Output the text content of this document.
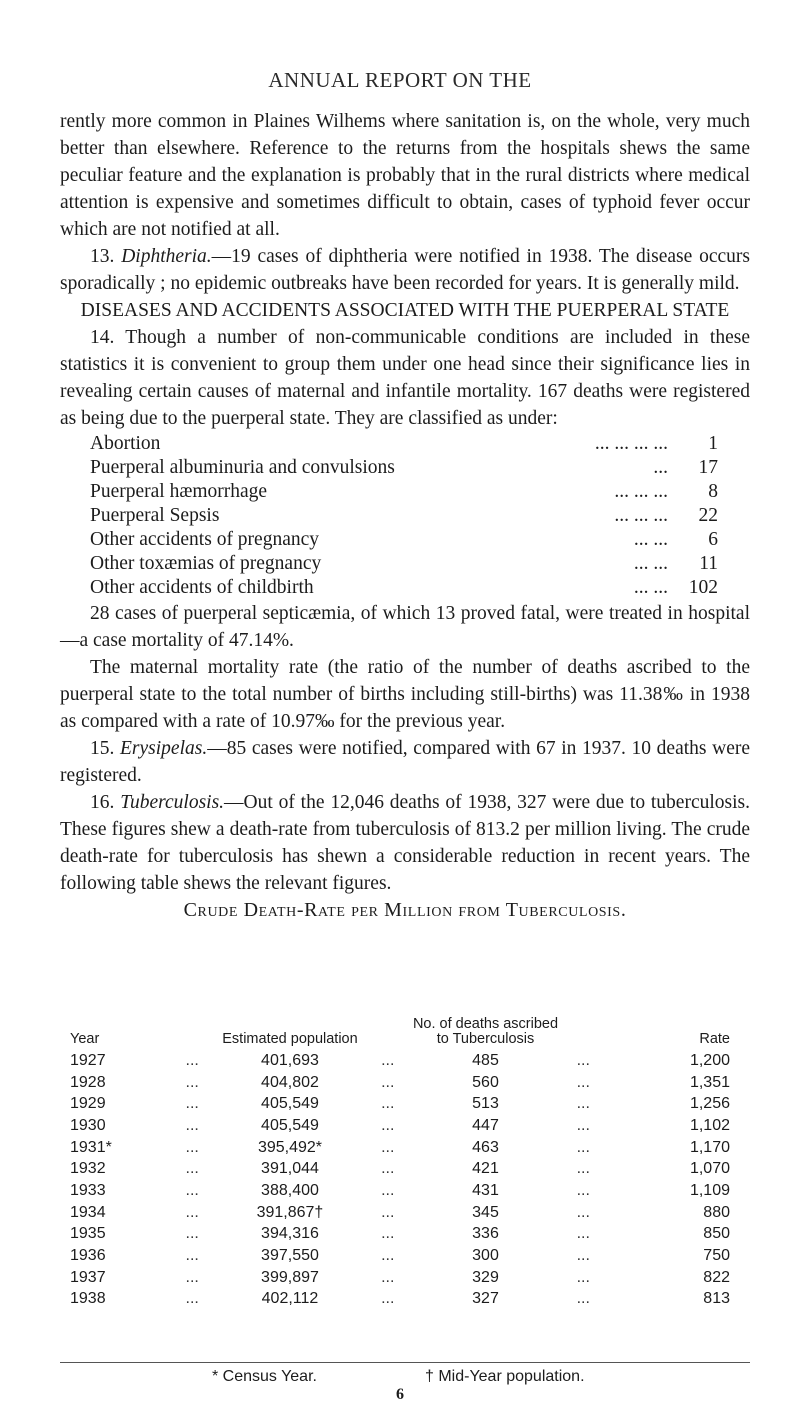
ANNUAL REPORT ON THE

rently more common in Plaines Wilhems where sanitation is, on the whole, very much better than elsewhere. Reference to the returns from the hospitals shews the same peculiar feature and the explanation is probably that in the rural districts where medical attention is expensive and sometimes difficult to obtain, cases of typhoid fever occur which are not notified at all.

13. Diphtheria.—19 cases of diphtheria were notified in 1938. The disease occurs sporadically ; no epidemic outbreaks have been recorded for years. It is generally mild.

DISEASES AND ACCIDENTS ASSOCIATED WITH THE PUERPERAL STATE

14. Though a number of non-communicable conditions are included in these statistics it is convenient to group them under one head since their significance lies in revealing certain causes of maternal and infantile mortality. 167 deaths were registered as being due to the puerperal state. They are classified as under:

Abortion	... ... ... ...	1
Puerperal albuminuria and convulsions	...	17
Puerperal hæmorrhage	... ... ...	8
Puerperal Sepsis	... ... ...	22
Other accidents of pregnancy	... ...	6
Other toxæmias of pregnancy	... ...	11
Other accidents of childbirth	... ...	102

28 cases of puerperal septicæmia, of which 13 proved fatal, were treated in hospital—a case mortality of 47.14%.

The maternal mortality rate (the ratio of the number of deaths ascribed to the puerperal state to the total number of births including still-births) was 11.38‰ in 1938 as compared with a rate of 10.97‰ for the previous year.

15. Erysipelas.—85 cases were notified, compared with 67 in 1937. 10 deaths were registered.

16. Tuberculosis.—Out of the 12,046 deaths of 1938, 327 were due to tuberculosis. These figures shew a death-rate from tuberculosis of 813.2 per million living. The crude death-rate for tuberculosis has shewn a considerable reduction in recent years. The following table shews the relevant figures.

Crude Death-Rate per Million from Tuberculosis.

Year		Estimated population		No. of deaths ascribed to Tuberculosis		Rate
1927	...	401,693	...	485	...	1,200
1928	...	404,802	...	560	...	1,351
1929	...	405,549	...	513	...	1,256
1930	...	405,549	...	447	...	1,102
1931*	...	395,492*	...	463	...	1,170
1932	...	391,044	...	421	...	1,070
1933	...	388,400	...	431	...	1,109
1934	...	391,867†	...	345	...	880
1935	...	394,316	...	336	...	850
1936	...	397,550	...	300	...	750
1937	...	399,897	...	329	...	822
1938	...	402,112	...	327	...	813
* Census Year.	† Mid-Year population.
6
